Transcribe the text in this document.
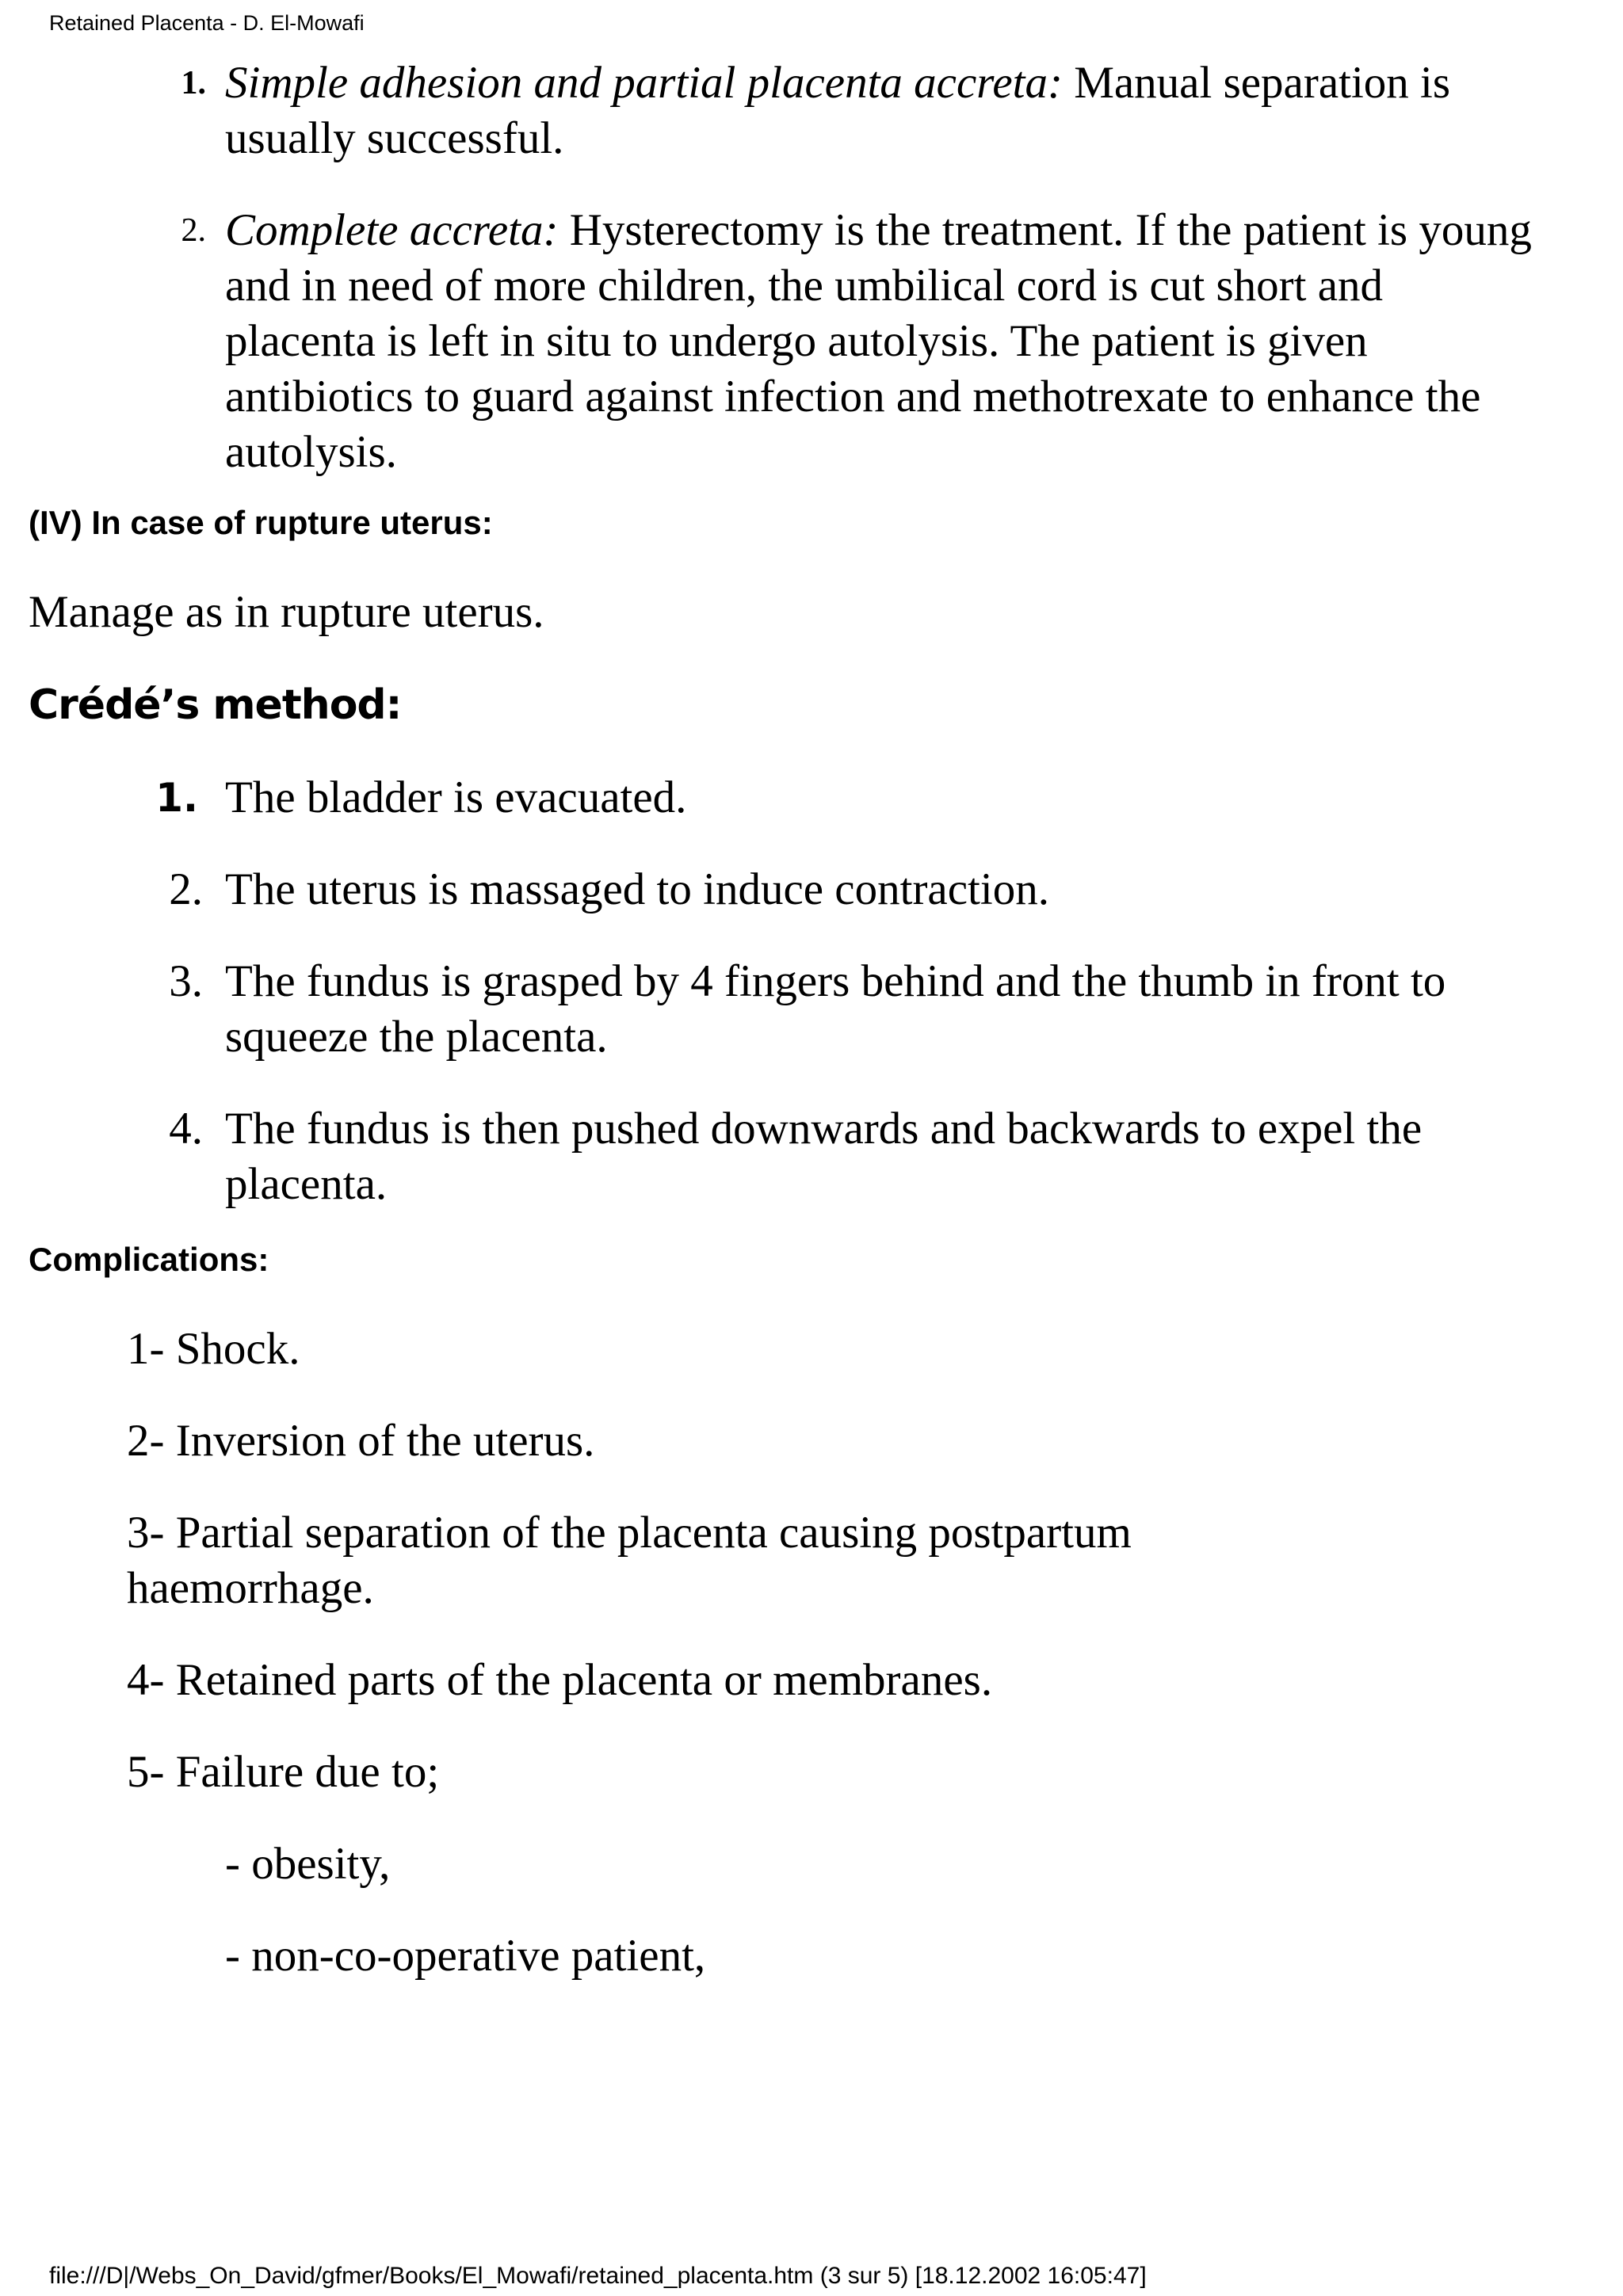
Retained Placenta - D. El-Mowafi
1. Simple adhesion and partial placenta accreta: Manual separation is usually successful.
2. Complete accreta: Hysterectomy is the treatment. If the patient is young and in need of more children, the umbilical cord is cut short and placenta is left in situ to undergo autolysis. The patient is given antibiotics to guard against infection and methotrexate to enhance the autolysis.
(IV) In case of rupture uterus:
Manage as in rupture uterus.
Crédé’s method:
1. The bladder is evacuated.
2. The uterus is massaged to induce contraction.
3. The fundus is grasped by 4 fingers behind and the thumb in front to squeeze the placenta.
4. The fundus is then pushed downwards and backwards to expel the placenta.
Complications:
1- Shock.
2- Inversion of the uterus.
3- Partial separation of the placenta causing postpartum haemorrhage.
4- Retained parts of the placenta or membranes.
5- Failure due to;
- obesity,
- non-co-operative patient,
file:///D|/Webs_On_David/gfmer/Books/El_Mowafi/retained_placenta.htm (3 sur 5) [18.12.2002 16:05:47]
